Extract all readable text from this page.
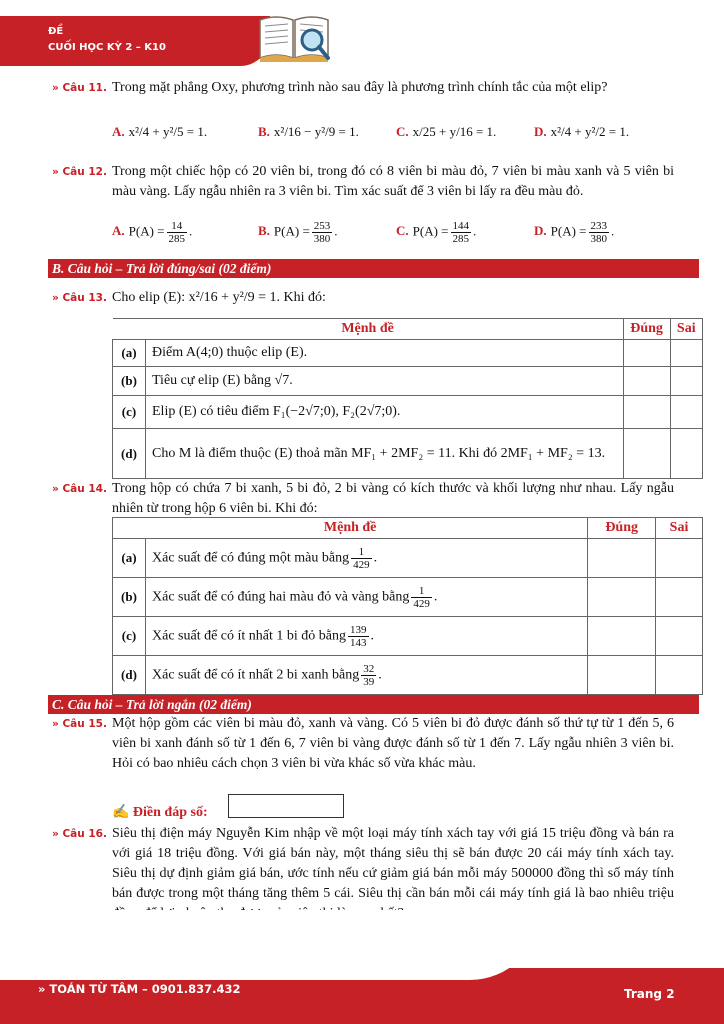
ĐỀ
CUỐI HỌC KỲ 2 – K10
» Câu 11. Trong mặt phẳng Oxy, phương trình nào sau đây là phương trình chính tắc của một elip?
A. x²/4 + y²/5 = 1.	B. x²/16 − y²/9 = 1.	C. x/25 + y/16 = 1.	D. x²/4 + y²/2 = 1.
» Câu 12. Trong một chiếc hộp có 20 viên bi, trong đó có 8 viên bi màu đỏ, 7 viên bi màu xanh và 5 viên bi màu vàng. Lấy ngẫu nhiên ra 3 viên bi. Tìm xác suất để 3 viên bi lấy ra đều màu đỏ.
A. $P(A) = \frac{14}{285}$ .	B. $P(A) = \frac{253}{380}$ .	C. $P(A) = \frac{144}{285}$ .	D. $P(A) = \frac{233}{380}$ .
B. Câu hỏi – Trả lời đúng/sai (02 điểm)
» Câu 13. Cho elip (E): x²/16 + y²/9 = 1. Khi đó:
Mệnh đề		Đúng	Sai
(a)	Điểm A(4;0) thuộc elip (E).		
(b)	Tiêu cự elip (E) bằng √7.		
(c)	Elip (E) có tiêu điểm F₁(−2√7;0), F₂(2√7;0).		
(d)	Cho M là điểm thuộc (E) thoả mãn MF₁ + 2MF₂ = 11. Khi đó 2MF₁ + MF₂ = 13.		
» Câu 14. Trong hộp có chứa 7 bi xanh, 5 bi đỏ, 2 bi vàng có kích thước và khối lượng như nhau. Lấy ngẫu nhiên từ trong hộp 6 viên bi. Khi đó:
Mệnh đề		Đúng	Sai
(a)	Xác suất để có đúng một màu bằng $\frac{1}{429}$ .		
(b)	Xác suất để có đúng hai màu đỏ và vàng bằng $\frac{1}{429}$ .		
(c)	Xác suất để có ít nhất 1 bi đỏ bằng $\frac{139}{143}$ .		
(d)	Xác suất để có ít nhất 2 bi xanh bằng $\frac{32}{39}$ .		
C. Câu hỏi – Trả lời ngắn (02 điểm)
» Câu 15. Một hộp gồm các viên bi màu đỏ, xanh và vàng. Có 5 viên bi đỏ được đánh số thứ tự từ 1 đến 5, 6 viên bi xanh đánh số từ 1 đến 6, 7 viên bi vàng được đánh số từ 1 đến 7. Lấy ngẫu nhiên 3 viên bi. Hỏi có bao nhiêu cách chọn 3 viên bi vừa khác số vừa khác màu.
✍ Điền đáp số:
» Câu 16. Siêu thị điện máy Nguyễn Kim nhập về một loại máy tính xách tay với giá 15 triệu đồng và bán ra với giá 18 triệu đồng. Với giá bán này, một tháng siêu thị sẽ bán được 20 cái máy tính xách tay. Siêu thị dự định giảm giá bán, ước tính nếu cứ giảm giá bán mỗi máy 500000 đồng thì số máy tính bán được trong một tháng tăng thêm 5 cái. Siêu thị cần bán mỗi cái máy tính giá là bao nhiêu triệu
» TOÁN TỪ TÂM – 0901.837.432	Trang 2
